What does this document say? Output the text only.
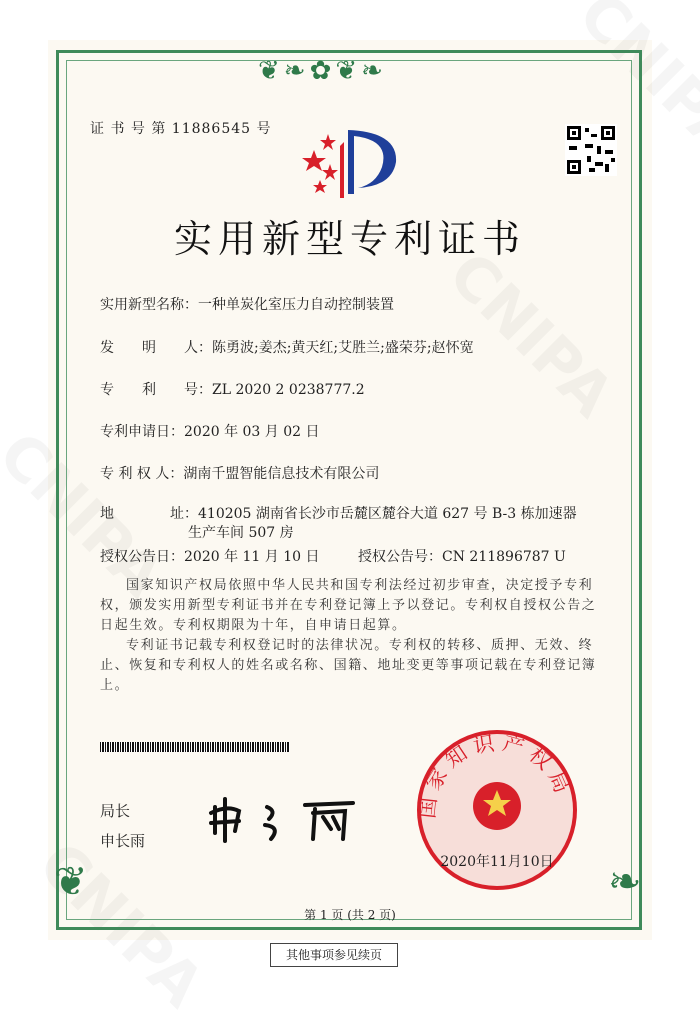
❦❧✿❦❧
❦	❧
证 书 号 第 11886545 号
实用新型专利证书
实用新型名称：一种单炭化室压力自动控制装置
发　　明　　人：陈勇波;姜杰;黄天红;艾胜兰;盛荣芬;赵怀宽
专　　利　　号：ZL 2020 2 0238777.2
专利申请日：2020 年 03 月 02 日
专 利 权 人：湖南千盟智能信息技术有限公司
地　　　　址：410205 湖南省长沙市岳麓区麓谷大道 627 号 B-3 栋加速器
生产车间 507 房
授权公告日：2020 年 11 月 10 日	授权公告号：CN 211896787 U

国家知识产权局依照中华人民共和国专利法经过初步审查，决定授予专利权，颁发实用新型专利证书并在专利登记簿上予以登记。专利权自授权公告之日起生效。专利权期限为十年，自申请日起算。

专利证书记载专利权登记时的法律状况。专利权的转移、质押、无效、终止、恢复和专利权人的姓名或名称、国籍、地址变更等事项记载在专利登记簿上。

局长
申长雨
国家知识产权局
2020年11月10日
第 1 页 (共 2 页)
其他事项参见续页
